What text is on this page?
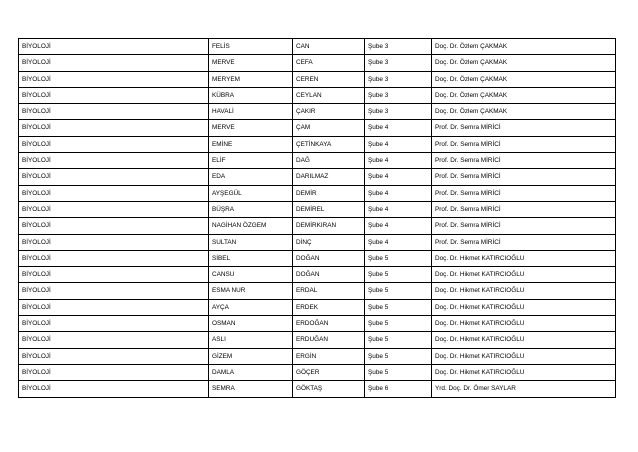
BİYOLOJİ	FELİS	CAN	Şube 3	Doç. Dr. Özlem ÇAKMAK
BİYOLOJİ	MERVE	CEFA	Şube 3	Doç. Dr. Özlem ÇAKMAK
BİYOLOJİ	MERYEM	CEREN	Şube 3	Doç. Dr. Özlem ÇAKMAK
BİYOLOJİ	KÜBRA	CEYLAN	Şube 3	Doç. Dr. Özlem ÇAKMAK
BİYOLOJİ	HAVALİ	ÇAKIR	Şube 3	Doç. Dr. Özlem ÇAKMAK
BİYOLOJİ	MERVE	ÇAM	Şube 4	Prof. Dr. Semra MİRİCİ
BİYOLOJİ	EMİNE	ÇETİNKAYA	Şube 4	Prof. Dr. Semra MİRİCİ
BİYOLOJİ	ELİF	DAĞ	Şube 4	Prof. Dr. Semra MİRİCİ
BİYOLOJİ	EDA	DARILMAZ	Şube 4	Prof. Dr. Semra MİRİCİ
BİYOLOJİ	AYŞEGÜL	DEMİR	Şube 4	Prof. Dr. Semra MİRİCİ
BİYOLOJİ	BÜŞRA	DEMİREL	Şube 4	Prof. Dr. Semra MİRİCİ
BİYOLOJİ	NAGİHAN ÖZGEM	DEMİRKIRAN	Şube 4	Prof. Dr. Semra MİRİCİ
BİYOLOJİ	SULTAN	DİNÇ	Şube 4	Prof. Dr. Semra MİRİCİ
BİYOLOJİ	SİBEL	DOĞAN	Şube 5	Doç. Dr. Hikmet KATIRCIOĞLU
BİYOLOJİ	CANSU	DOĞAN	Şube 5	Doç. Dr. Hikmet KATIRCIOĞLU
BİYOLOJİ	ESMA NUR	ERDAL	Şube 5	Doç. Dr. Hikmet KATIRCIOĞLU
BİYOLOJİ	AYÇA	ERDEK	Şube 5	Doç. Dr. Hikmet KATIRCIOĞLU
BİYOLOJİ	OSMAN	ERDOĞAN	Şube 5	Doç. Dr. Hikmet KATIRCIOĞLU
BİYOLOJİ	ASLI	ERDUĞAN	Şube 5	Doç. Dr. Hikmet KATIRCIOĞLU
BİYOLOJİ	GİZEM	ERGİN	Şube 5	Doç. Dr. Hikmet KATIRCIOĞLU
BİYOLOJİ	DAMLA	GÖÇER	Şube 5	Doç. Dr. Hikmet KATIRCIOĞLU
BİYOLOJİ	SEMRA	GÖKTAŞ	Şube 6	Yrd. Doç. Dr. Ömer SAYLAR
